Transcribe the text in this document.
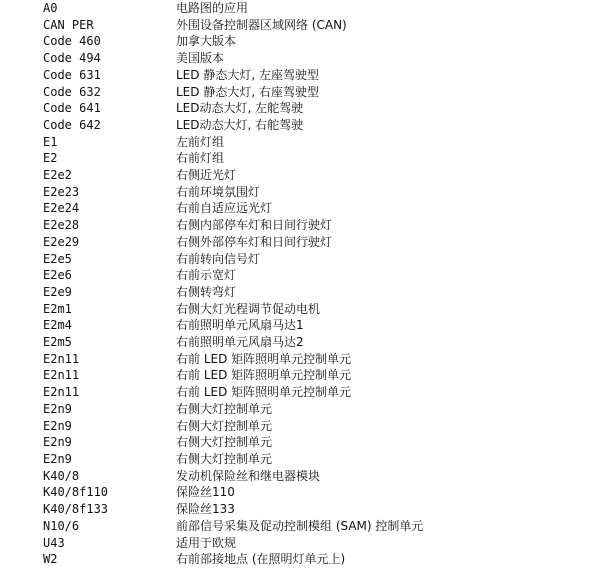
A0	电路图的应用
CAN PER	外围设备控制器区域网络 (CAN)
Code 460	加拿大版本
Code 494	美国版本
Code 631	LED 静态大灯, 左座驾驶型
Code 632	LED 静态大灯, 右座驾驶型
Code 641	LED动态大灯, 左舵驾驶
Code 642	LED动态大灯, 右舵驾驶
E1	左前灯组
E2	右前灯组
E2e2	右侧近光灯
E2e23	右前环境氛围灯
E2e24	右前自适应远光灯
E2e28	右侧内部停车灯和日间行驶灯
E2e29	右侧外部停车灯和日间行驶灯
E2e5	右前转向信号灯
E2e6	右前示宽灯
E2e9	右侧转弯灯
E2m1	右侧大灯光程调节促动电机
E2m4	右前照明单元风扇马达1
E2m5	右前照明单元风扇马达2
E2n11	右前 LED 矩阵照明单元控制单元
E2n11	右前 LED 矩阵照明单元控制单元
E2n11	右前 LED 矩阵照明单元控制单元
E2n9	右侧大灯控制单元
E2n9	右侧大灯控制单元
E2n9	右侧大灯控制单元
E2n9	右侧大灯控制单元
K40/8	发动机保险丝和继电器模块
K40/8f110	保险丝110
K40/8f133	保险丝133
N10/6	前部信号采集及促动控制模组 (SAM) 控制单元
U43	适用于欧规
W2	右前部接地点 (在照明灯单元上)
